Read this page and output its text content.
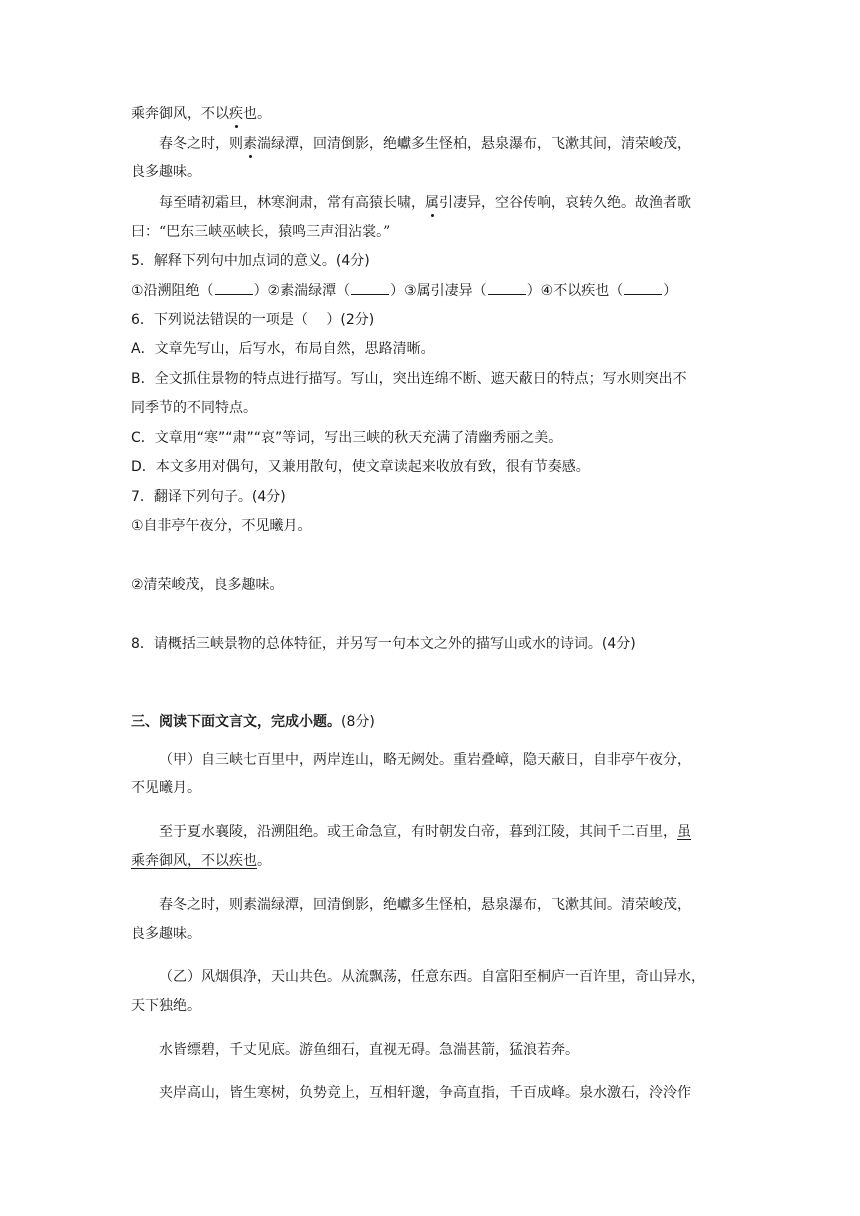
乘奔御风，不以疾也。
春冬之时，则素湍绿潭，回清倒影，绝巘多生怪柏，悬泉瀑布，飞漱其间，清荣峻茂，
良多趣味。
每至晴初霜旦，林寒涧肃，常有高猿长啸，属引凄异，空谷传响，哀转久绝。故渔者歌
曰：“巴东三峡巫峡长，猿鸣三声泪沾裳。”
5．解释下列句中加点词的意义。(4分)
①沿溯阻绝（	）②素湍绿潭（	）③属引凄异（	）④不以疾也（	）
6．下列说法错误的一项是（　 ）(2分)
A．文章先写山，后写水，布局自然，思路清晰。
B．全文抓住景物的特点进行描写。写山，突出连绵不断、遮天蔽日的特点；写水则突出不
同季节的不同特点。
C．文章用“寒”“肃”“哀”等词，写出三峡的秋天充满了清幽秀丽之美。
D．本文多用对偶句，又兼用散句，使文章读起来收放有致，很有节奏感。
7．翻译下列句子。(4分)
①自非亭午夜分，不见曦月。
②清荣峻茂，良多趣味。
8．请概括三峡景物的总体特征，并另写一句本文之外的描写山或水的诗词。(4分)
三、阅读下面文言文，完成小题。(8分)
（甲）自三峡七百里中，两岸连山，略无阙处。重岩叠嶂，隐天蔽日，自非亭午夜分，
不见曦月。
至于夏水襄陵，沿溯阻绝。或王命急宣，有时朝发白帝，暮到江陵，其间千二百里，虽
乘奔御风，不以疾也。
春冬之时，则素湍绿潭，回清倒影，绝巘多生怪柏，悬泉瀑布，飞漱其间。清荣峻茂，
良多趣味。
（乙）风烟俱净，天山共色。从流飘荡，任意东西。自富阳至桐庐一百许里，奇山异水，
天下独绝。
水皆缥碧，千丈见底。游鱼细石，直视无碍。急湍甚箭，猛浪若奔。
夹岸高山，皆生寒树，负势竞上，互相轩邈，争高直指，千百成峰。泉水激石，泠泠作
